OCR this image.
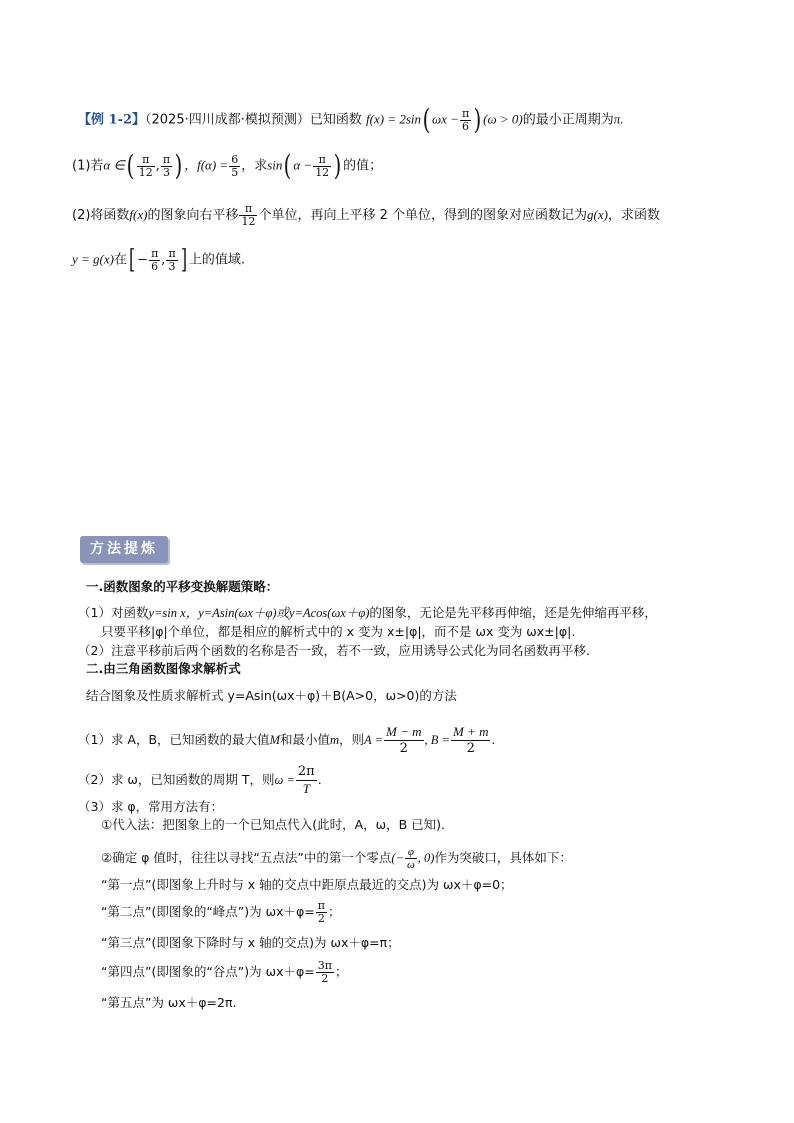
【例 1-2】（2025·四川成都·模拟预测）已知函数 f(x) = 2sin( $\omega x - \frac{\pi}{6}$ ) (ω > 0)的最小正周期为π.
(1)若α ∈( $\frac{\pi}{12}$ , $\frac{\pi}{3}$ ) ，$f(\alpha) = \frac{6}{5}$ ，求sin( $\alpha - \frac{\pi}{12}$ ) 的值；
(2)将函数f(x)的图象向右平移 $\frac{\pi}{12}$ 个单位，再向上平移 2 个单位，得到的图象对应函数记为g(x)，求函数
y = g(x)在[ − $\frac{\pi}{6}$ , $\frac{\pi}{3}$ ] 上的值域.
方法提炼
一.函数图象的平移变换解题策略：
（1）对函数y=sin x，y=Asin(ωx＋φ)或y=Acos(ωx＋φ)的图象，无论是先平移再伸缩，还是先伸缩再平移，
只要平移|φ|个单位，都是相应的解析式中的 x 变为 x±|φ|，而不是 ωx 变为 ωx±|φ|.
（2）注意平移前后两个函数的名称是否一致，若不一致，应用诱导公式化为同名函数再平移.
二.由三角函数图像求解析式
结合图象及性质求解析式 y=Asin(ωx＋φ)＋B(A>0，ω>0)的方法
（1）求 A，B，已知函数的最大值M和最小值m，则$A = \frac{M - m}{2}$ , $B = \frac{M + m}{2}$ .
（2）求 ω，已知函数的周期 T，则$\omega = \frac{2\pi}{T}$ .
（3）求 φ，常用方法有：
①代入法：把图象上的一个已知点代入(此时，A，ω，B 已知).
②确定 φ 值时，往往以寻找“五点法”中的第一个零点(− $\frac{\varphi}{\omega}$ , 0)作为突破口，具体如下：
“第一点”(即图象上升时与 x 轴的交点中距原点最近的交点)为 ωx＋φ=0；
“第二点”(即图象的“峰点”)为 $\omega x+\varphi= \frac{\pi}{2}$ ；
“第三点”(即图象下降时与 x 轴的交点)为 ωx＋φ=π；
“第四点”(即图象的“谷点”)为 $\omega x+\varphi= \frac{3\pi}{2}$ ；
“第五点”为 ωx＋φ=2π.
